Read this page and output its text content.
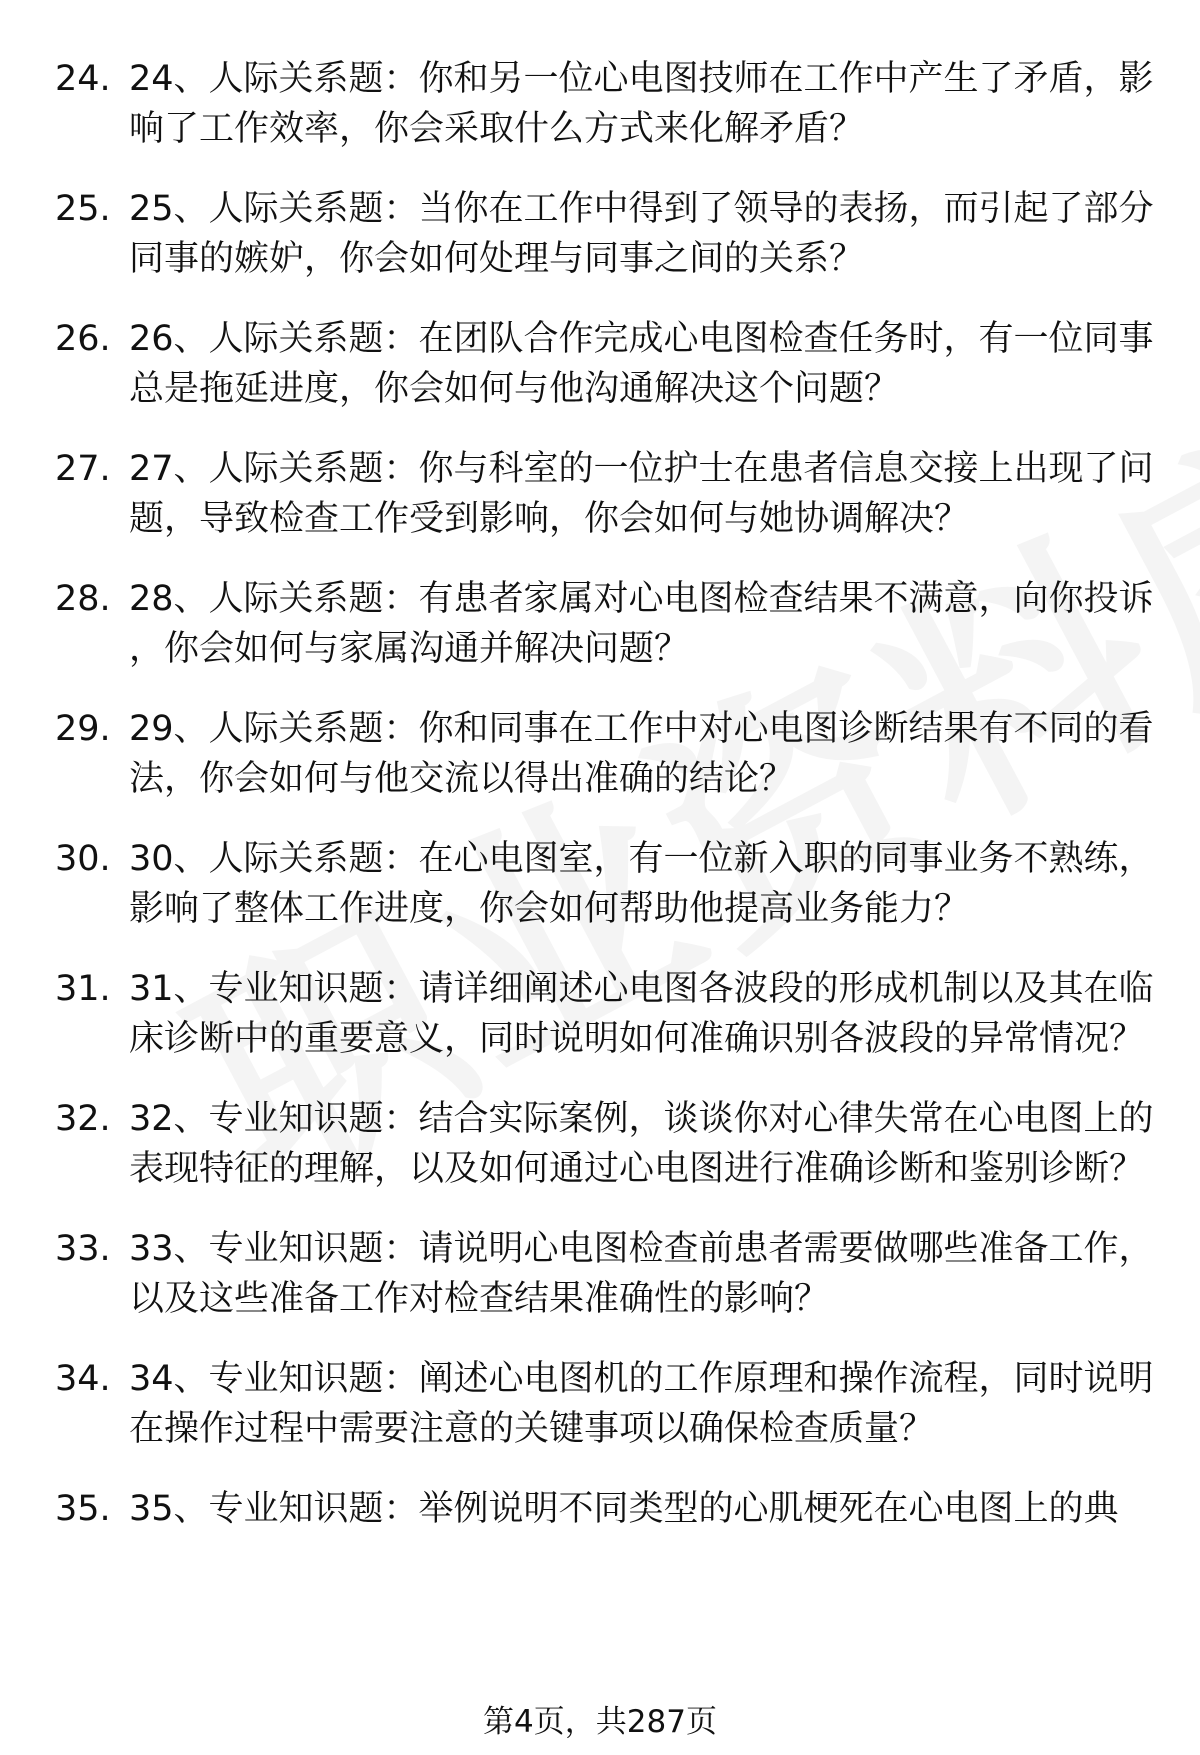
24. 24、人际关系题：你和另一位心电图技师在工作中产生了矛盾，影响了工作效率，你会采取什么方式来化解矛盾？
25. 25、人际关系题：当你在工作中得到了领导的表扬，而引起了部分同事的嫉妒，你会如何处理与同事之间的关系？
26. 26、人际关系题：在团队合作完成心电图检查任务时，有一位同事总是拖延进度，你会如何与他沟通解决这个问题？
27. 27、人际关系题：你与科室的一位护士在患者信息交接上出现了问题，导致检查工作受到影响，你会如何与她协调解决？
28. 28、人际关系题：有患者家属对心电图检查结果不满意，向你投诉，你会如何与家属沟通并解决问题？
29. 29、人际关系题：你和同事在工作中对心电图诊断结果有不同的看法，你会如何与他交流以得出准确的结论？
30. 30、人际关系题：在心电图室，有一位新入职的同事业务不熟练，影响了整体工作进度，你会如何帮助他提高业务能力？
31. 31、专业知识题：请详细阐述心电图各波段的形成机制以及其在临床诊断中的重要意义，同时说明如何准确识别各波段的异常情况？
32. 32、专业知识题：结合实际案例，谈谈你对心律失常在心电图上的表现特征的理解，以及如何通过心电图进行准确诊断和鉴别诊断？
33. 33、专业知识题：请说明心电图检查前患者需要做哪些准备工作，以及这些准备工作对检查结果准确性的影响？
34. 34、专业知识题：阐述心电图机的工作原理和操作流程，同时说明在操作过程中需要注意的关键事项以确保检查质量？
35. 35、专业知识题：举例说明不同类型的心肌梗死在心电图上的典
第4页，共287页
